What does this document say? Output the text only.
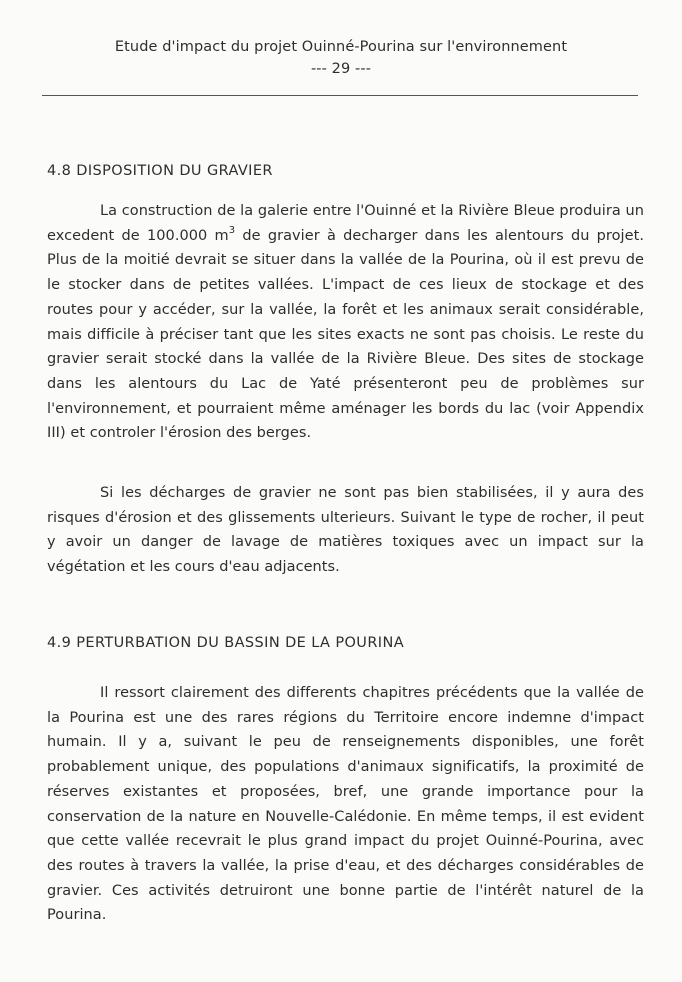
Etude d'impact du projet Ouinné-Pourina sur l'environnement
--- 29 ---
4.8 DISPOSITION DU GRAVIER

La construction de la galerie entre l'Ouinné et la Rivière Bleue produira un excedent de 100.000 $m^3$ de gravier à decharger dans les alentours du projet. Plus de la moitié devrait se situer dans la vallée de la Pourina, où il est prevu de le stocker dans de petites vallées. L'impact de ces lieux de stockage et des routes pour y accéder, sur la vallée, la forêt et les animaux serait considérable, mais difficile à préciser tant que les sites exacts ne sont pas choisis. Le reste du gravier serait stocké dans la vallée de la Rivière Bleue. Des sites de stockage dans les alentours du Lac de Yaté présenteront peu de problèmes sur l'environnement, et pourraient même aménager les bords du lac (voir Appendix III) et controler l'érosion des berges.

Si les décharges de gravier ne sont pas bien stabilisées, il y aura des risques d'érosion et des glissements ulterieurs. Suivant le type de rocher, il peut y avoir un danger de lavage de matières toxiques avec un impact sur la végétation et les cours d'eau adjacents.

4.9 PERTURBATION DU BASSIN DE LA POURINA

Il ressort clairement des differents chapitres précédents que la vallée de la Pourina est une des rares régions du Territoire encore indemne d'impact humain. Il y a, suivant le peu de renseignements disponibles, une forêt probablement unique, des populations d'animaux significatifs, la proximité de réserves existantes et proposées, bref, une grande importance pour la conservation de la nature en Nouvelle-Calédonie. En même temps, il est evident que cette vallée recevrait le plus grand impact du projet Ouinné-Pourina, avec des routes à travers la vallée, la prise d'eau, et des décharges considérables de gravier. Ces activités detruiront une bonne partie de l'intérêt naturel de la Pourina.
